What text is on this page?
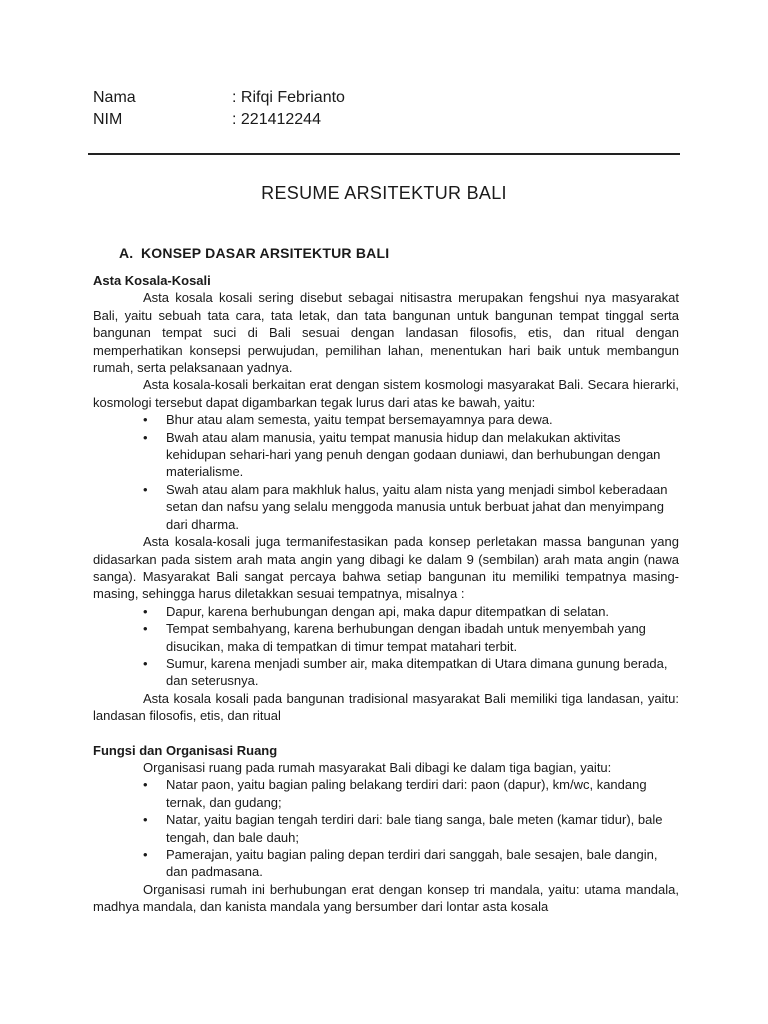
Nama	: Rifqi Febrianto
NIM	: 221412244
RESUME ARSITEKTUR BALI
A. KONSEP DASAR ARSITEKTUR BALI

Asta Kosala-Kosali

Asta kosala kosali sering disebut sebagai nitisastra merupakan fengshui nya masyarakat Bali, yaitu sebuah tata cara, tata letak, dan tata bangunan untuk bangunan tempat tinggal serta bangunan tempat suci di Bali sesuai dengan landasan filosofis, etis, dan ritual dengan memperhatikan konsepsi perwujudan, pemilihan lahan, menentukan hari baik untuk membangun rumah, serta pelaksanaan yadnya.

Asta kosala-kosali berkaitan erat dengan sistem kosmologi masyarakat Bali. Secara hierarki, kosmologi tersebut dapat digambarkan tegak lurus dari atas ke bawah, yaitu:

• Bhur atau alam semesta, yaitu tempat bersemayamnya para dewa.
• Bwah atau alam manusia, yaitu tempat manusia hidup dan melakukan aktivitas kehidupan sehari-hari yang penuh dengan godaan duniawi, dan berhubungan dengan materialisme.
• Swah atau alam para makhluk halus, yaitu alam nista yang menjadi simbol keberadaan setan dan nafsu yang selalu menggoda manusia untuk berbuat jahat dan menyimpang dari dharma.

Asta kosala-kosali juga termanifestasikan pada konsep perletakan massa bangunan yang didasarkan pada sistem arah mata angin yang dibagi ke dalam 9 (sembilan) arah mata angin (nawa sanga). Masyarakat Bali sangat percaya bahwa setiap bangunan itu memiliki tempatnya masing-masing, sehingga harus diletakkan sesuai tempatnya, misalnya :

• Dapur, karena berhubungan dengan api, maka dapur ditempatkan di selatan.
• Tempat sembahyang, karena berhubungan dengan ibadah untuk menyembah yang disucikan, maka di tempatkan di timur tempat matahari terbit.
• Sumur, karena menjadi sumber air, maka ditempatkan di Utara dimana gunung berada, dan seterusnya.

Asta kosala kosali pada bangunan tradisional masyarakat Bali memiliki tiga landasan, yaitu: landasan filosofis, etis, dan ritual

Fungsi dan Organisasi Ruang

Organisasi ruang pada rumah masyarakat Bali dibagi ke dalam tiga bagian, yaitu:

• Natar paon, yaitu bagian paling belakang terdiri dari: paon (dapur), km/wc, kandang ternak, dan gudang;
• Natar, yaitu bagian tengah terdiri dari: bale tiang sanga, bale meten (kamar tidur), bale tengah, dan bale dauh;
• Pamerajan, yaitu bagian paling depan terdiri dari sanggah, bale sesajen, bale dangin, dan padmasana.

Organisasi rumah ini berhubungan erat dengan konsep tri mandala, yaitu: utama mandala, madhya mandala, dan kanista mandala yang bersumber dari lontar asta kosala
